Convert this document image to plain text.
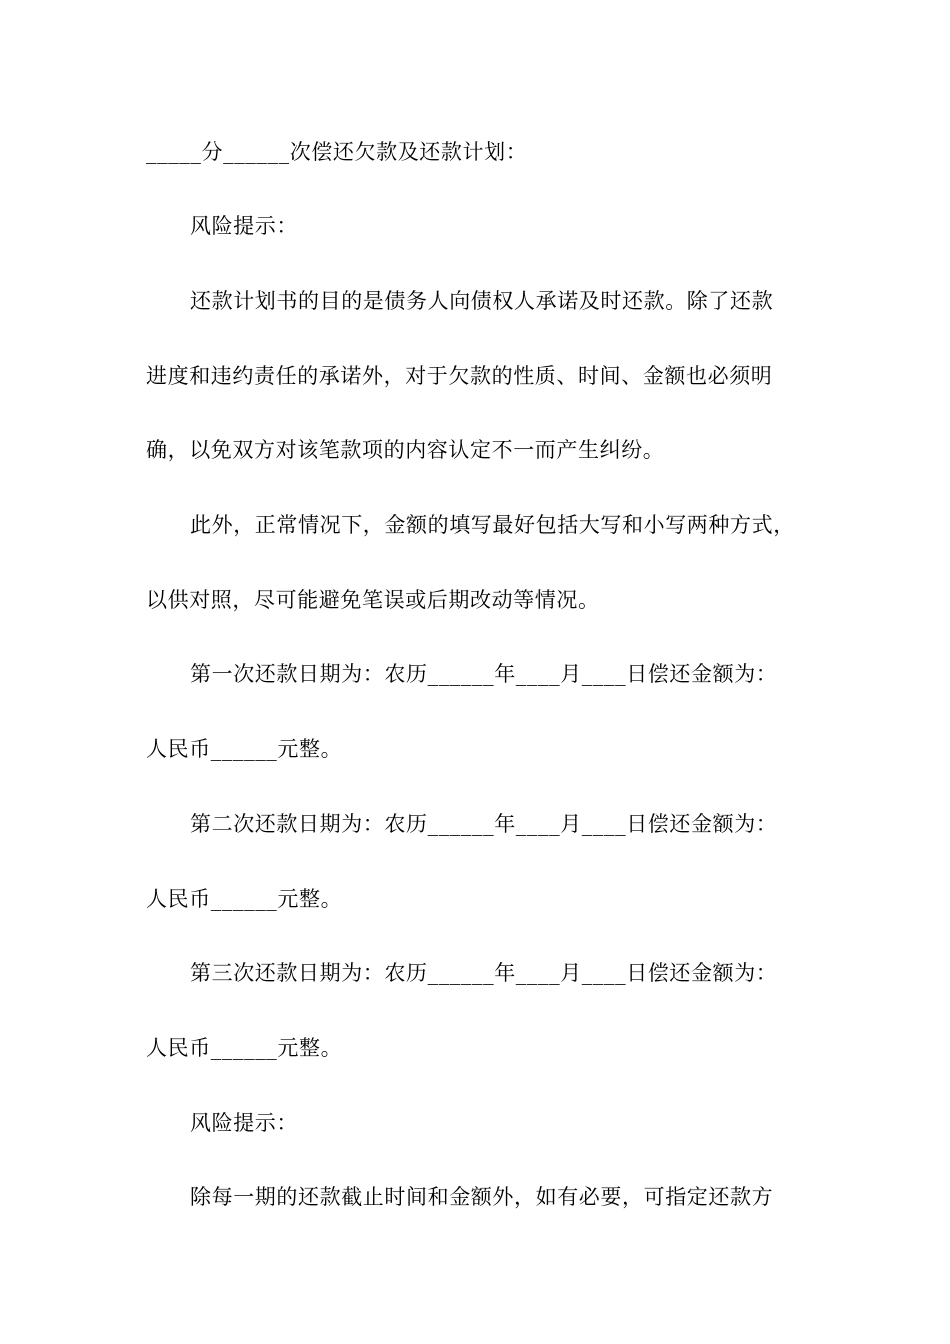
_____分______次偿还欠款及还款计划：
风险提示：
还款计划书的目的是债务人向债权人承诺及时还款。除了还款
进度和违约责任的承诺外，对于欠款的性质、时间、金额也必须明
确，以免双方对该笔款项的内容认定不一而产生纠纷。
此外，正常情况下，金额的填写最好包括大写和小写两种方式，
以供对照，尽可能避免笔误或后期改动等情况。
第一次还款日期为：农历______年____月____日偿还金额为：
人民币______元整。
第二次还款日期为：农历______年____月____日偿还金额为：
人民币______元整。
第三次还款日期为：农历______年____月____日偿还金额为：
人民币______元整。
风险提示：
除每一期的还款截止时间和金额外，如有必要，可指定还款方
